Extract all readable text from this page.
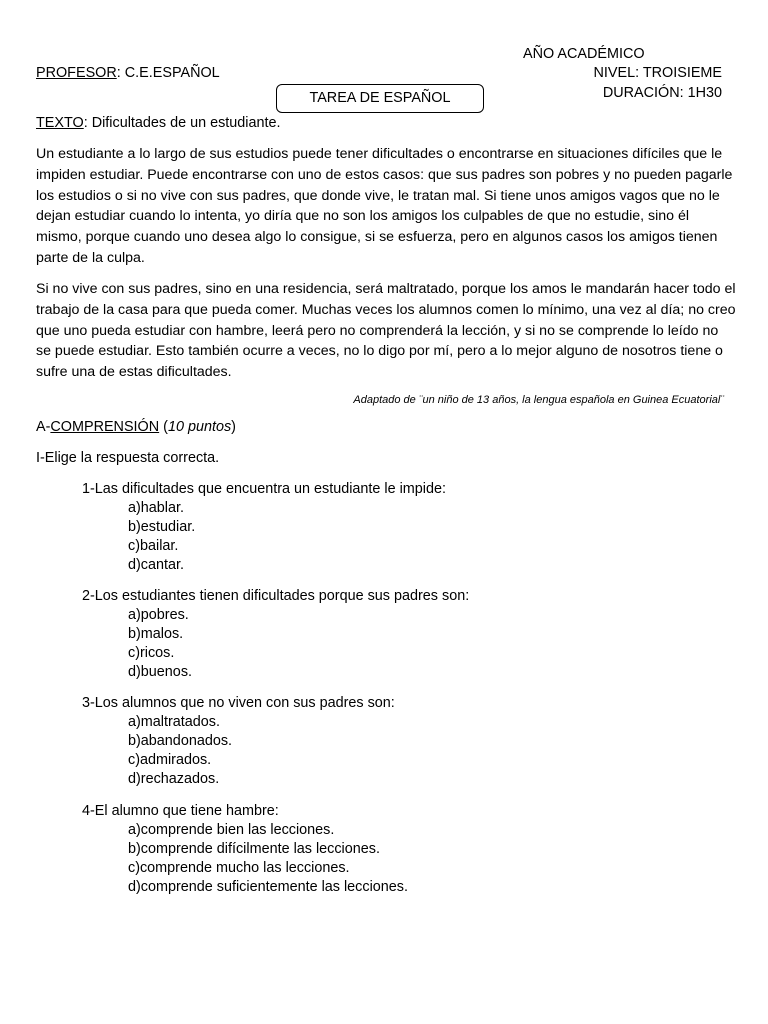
AÑO ACADÉMICO
PROFESOR: C.E.ESPAÑOL	NIVEL: TROISIEME
DURACIÓN: 1H30
TAREA DE ESPAÑOL
TEXTO: Dificultades de un estudiante.
Un estudiante a lo largo de sus estudios puede tener dificultades o encontrarse en situaciones difíciles que le impiden estudiar. Puede encontrarse con uno de estos casos: que sus padres son pobres y no pueden pagarle los estudios o si no vive con sus padres, que donde vive, le tratan mal. Si tiene unos amigos vagos que no le dejan estudiar cuando lo intenta, yo diría que no son los amigos los culpables de que no estudie, sino él mismo, porque cuando uno desea algo lo consigue, si se esfuerza, pero en algunos casos los amigos tienen parte de la culpa.
Si no vive con sus padres, sino en una residencia, será maltratado, porque los amos le mandarán hacer todo el trabajo de la casa para que pueda comer. Muchas veces los alumnos comen lo mínimo, una vez al día; no creo que uno pueda estudiar con hambre, leerá pero no comprenderá la lección, y si no se comprende lo leído no se puede estudiar. Esto también ocurre a veces, no lo digo por mí, pero a lo mejor alguno de nosotros tiene o sufre una de estas dificultades.
Adaptado de ¨un niño de 13 años, la lengua española en Guinea Ecuatorial¨
A-COMPRENSIÓN (10 puntos)
I-Elige la respuesta correcta.
1-Las dificultades que encuentra un estudiante le impide:
a)hablar.
b)estudiar.
c)bailar.
d)cantar.
2-Los estudiantes tienen dificultades porque sus padres son:
a)pobres.
b)malos.
c)ricos.
d)buenos.
3-Los alumnos que no viven con sus padres son:
a)maltratados.
b)abandonados.
c)admirados.
d)rechazados.
4-El alumno que tiene hambre:
a)comprende bien las lecciones.
b)comprende difícilmente las lecciones.
c)comprende mucho las lecciones.
d)comprende suficientemente las lecciones.
